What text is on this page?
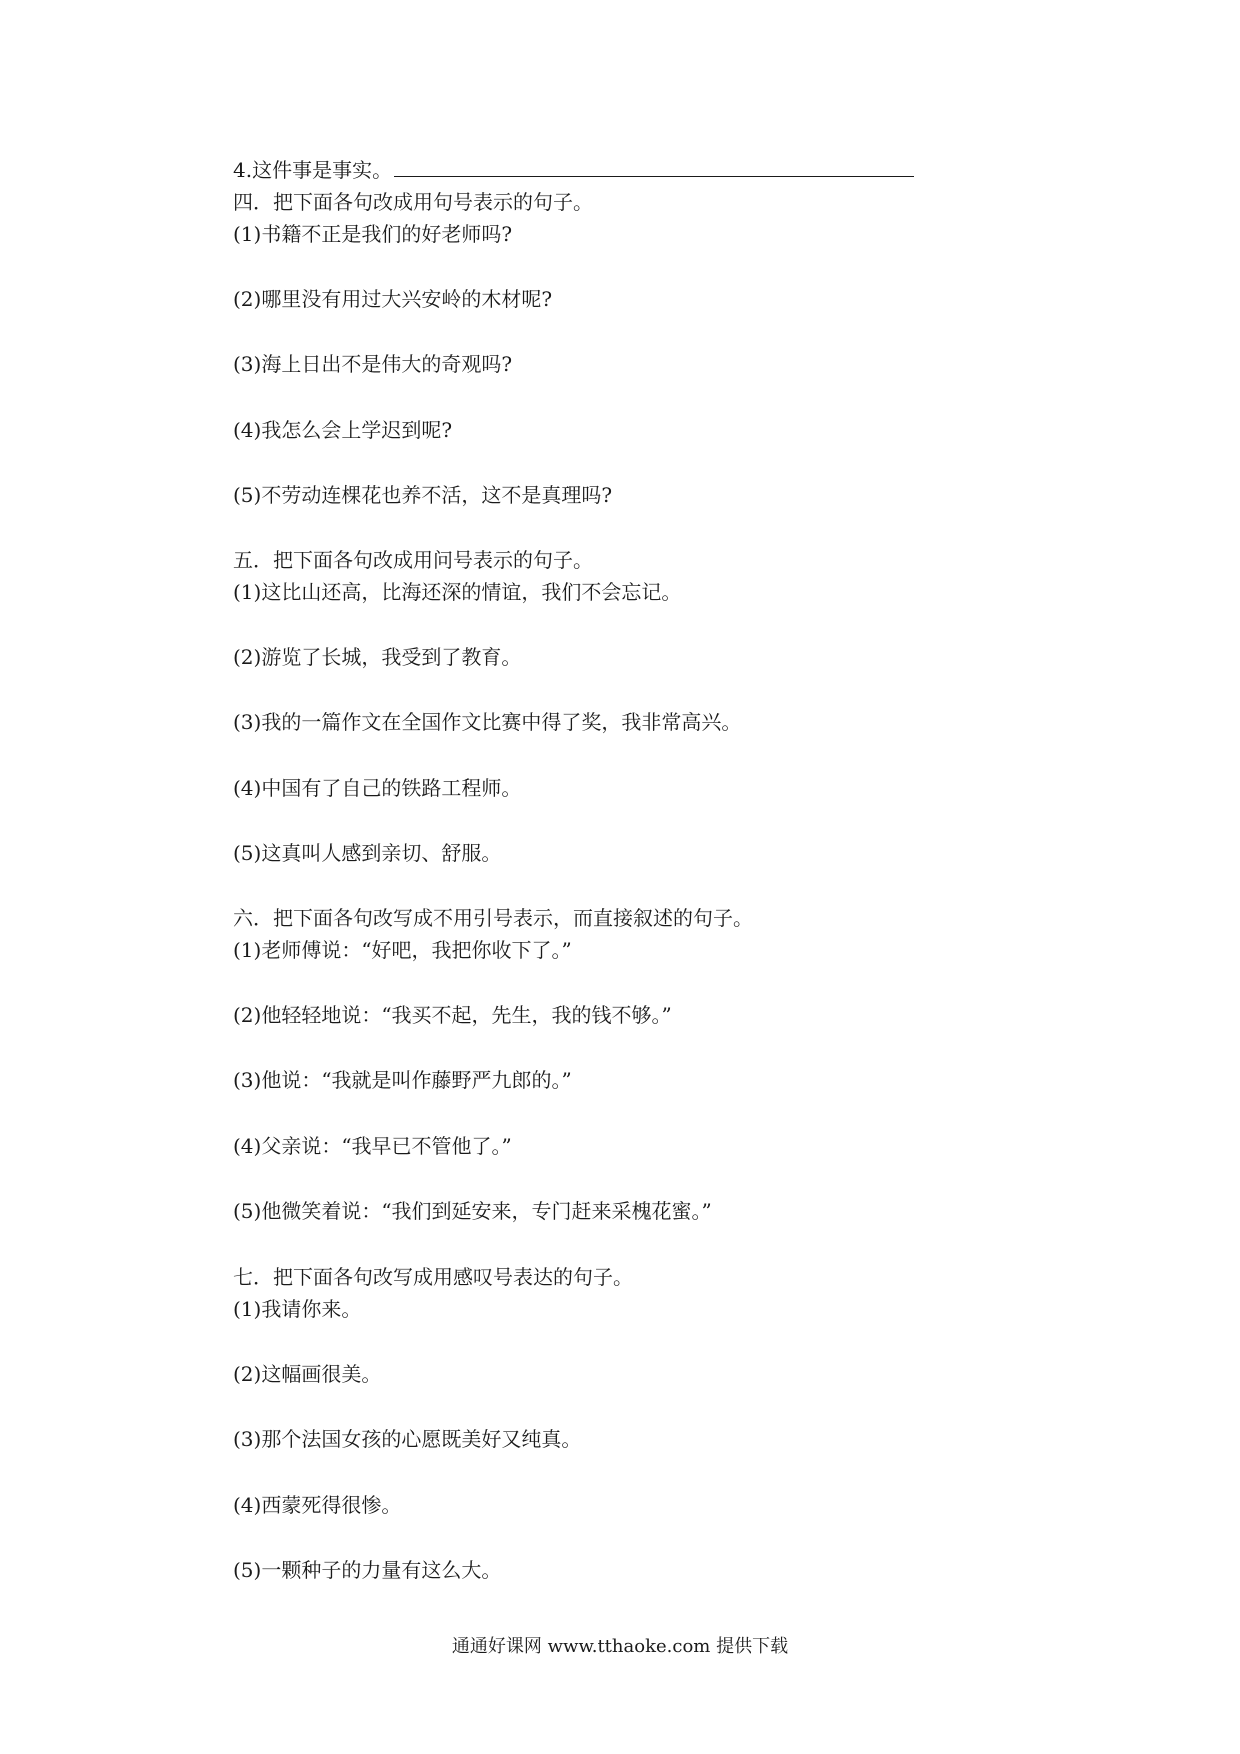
4.这件事是事实。
四．把下面各句改成用句号表示的句子。
(1)书籍不正是我们的好老师吗?
(2)哪里没有用过大兴安岭的木材呢?
(3)海上日出不是伟大的奇观吗?
(4)我怎么会上学迟到呢?
(5)不劳动连棵花也养不活，这不是真理吗?
五．把下面各句改成用问号表示的句子。
(1)这比山还高，比海还深的情谊，我们不会忘记。
(2)游览了长城，我受到了教育。
(3)我的一篇作文在全国作文比赛中得了奖，我非常高兴。
(4)中国有了自己的铁路工程师。
(5)这真叫人感到亲切、舒服。
六．把下面各句改写成不用引号表示，而直接叙述的句子。
(1)老师傅说：“好吧，我把你收下了。”
(2)他轻轻地说：“我买不起，先生，我的钱不够。”
(3)他说：“我就是叫作藤野严九郎的。”
(4)父亲说：“我早已不管他了。”
(5)他微笑着说：“我们到延安来，专门赶来采槐花蜜。”
七．把下面各句改写成用感叹号表达的句子。
(1)我请你来。
(2)这幅画很美。
(3)那个法国女孩的心愿既美好又纯真。
(4)西蒙死得很惨。
(5)一颗种子的力量有这么大。
通通好课网 www.tthaoke.com 提供下载
